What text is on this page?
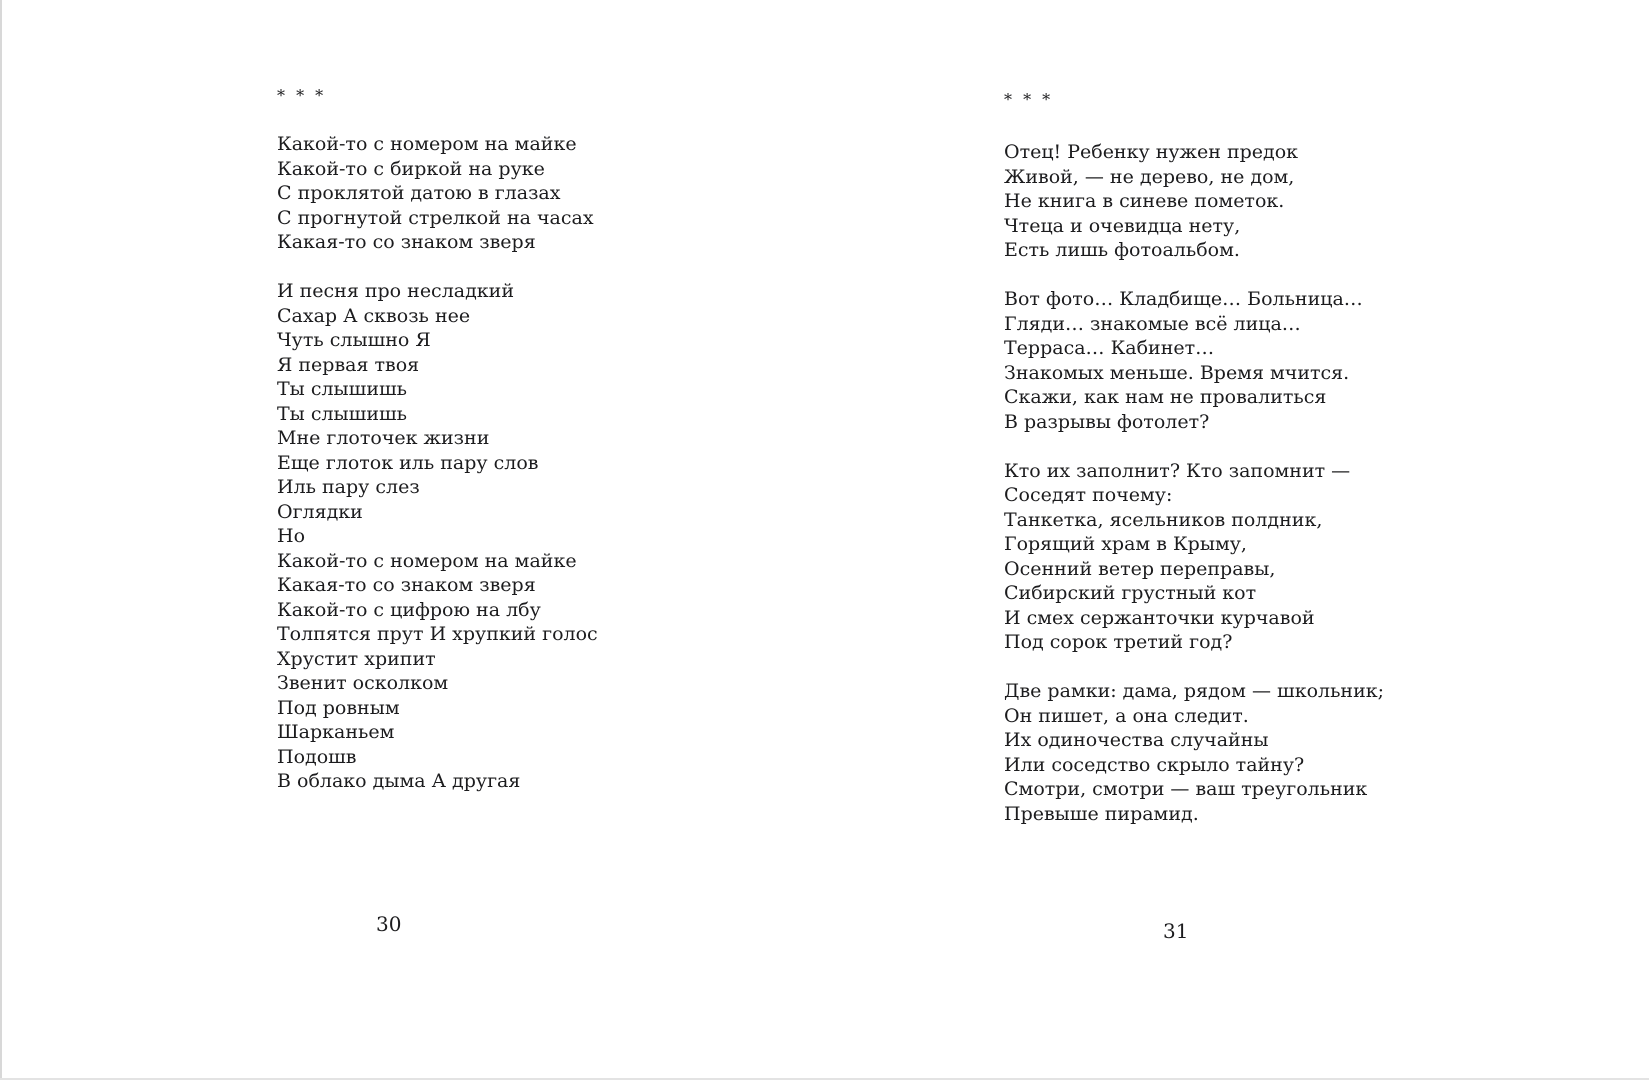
* * *
Какой-то с номером на майке
Какой-то с биркой на руке
С проклятой датою в глазах
С прогнутой стрелкой на часах
Какая-то со знаком зверя
И песня про несладкий
Сахар А сквозь нее
Чуть слышно Я
Я первая твоя
Ты слышишь
Ты слышишь
Мне глоточек жизни
Еще глоток иль пару слов
Иль пару слез
Оглядки
Но
Какой-то с номером на майке
Какая-то со знаком зверя
Какой-то с цифрою на лбу
Толпятся прут И хрупкий голос
Хрустит хрипит
Звенит осколком
Под ровным
Шарканьем
Подошв
В облако дыма А другая
30
* * *
Отец! Ребенку нужен предок
Живой, — не дерево, не дом,
Не книга в синеве пометок.
Чтеца и очевидца нету,
Есть лишь фотоальбом.
Вот фото… Кладбище… Больница…
Гляди… знакомые всё лица…
Терраса… Кабинет…
Знакомых меньше. Время мчится.
Скажи, как нам не провалиться
В разрывы фотолет?
Кто их заполнит? Кто запомнит —
Соседят почему:
Танкетка, ясельников полдник,
Горящий храм в Крыму,
Осенний ветер переправы,
Сибирский грустный кот
И смех сержанточки курчавой
Под сорок третий год?
Две рамки: дама, рядом — школьник;
Он пишет, а она следит.
Их одиночества случайны
Или соседство скрыло тайну?
Смотри, смотри — ваш треугольник
Превыше пирамид.
31
